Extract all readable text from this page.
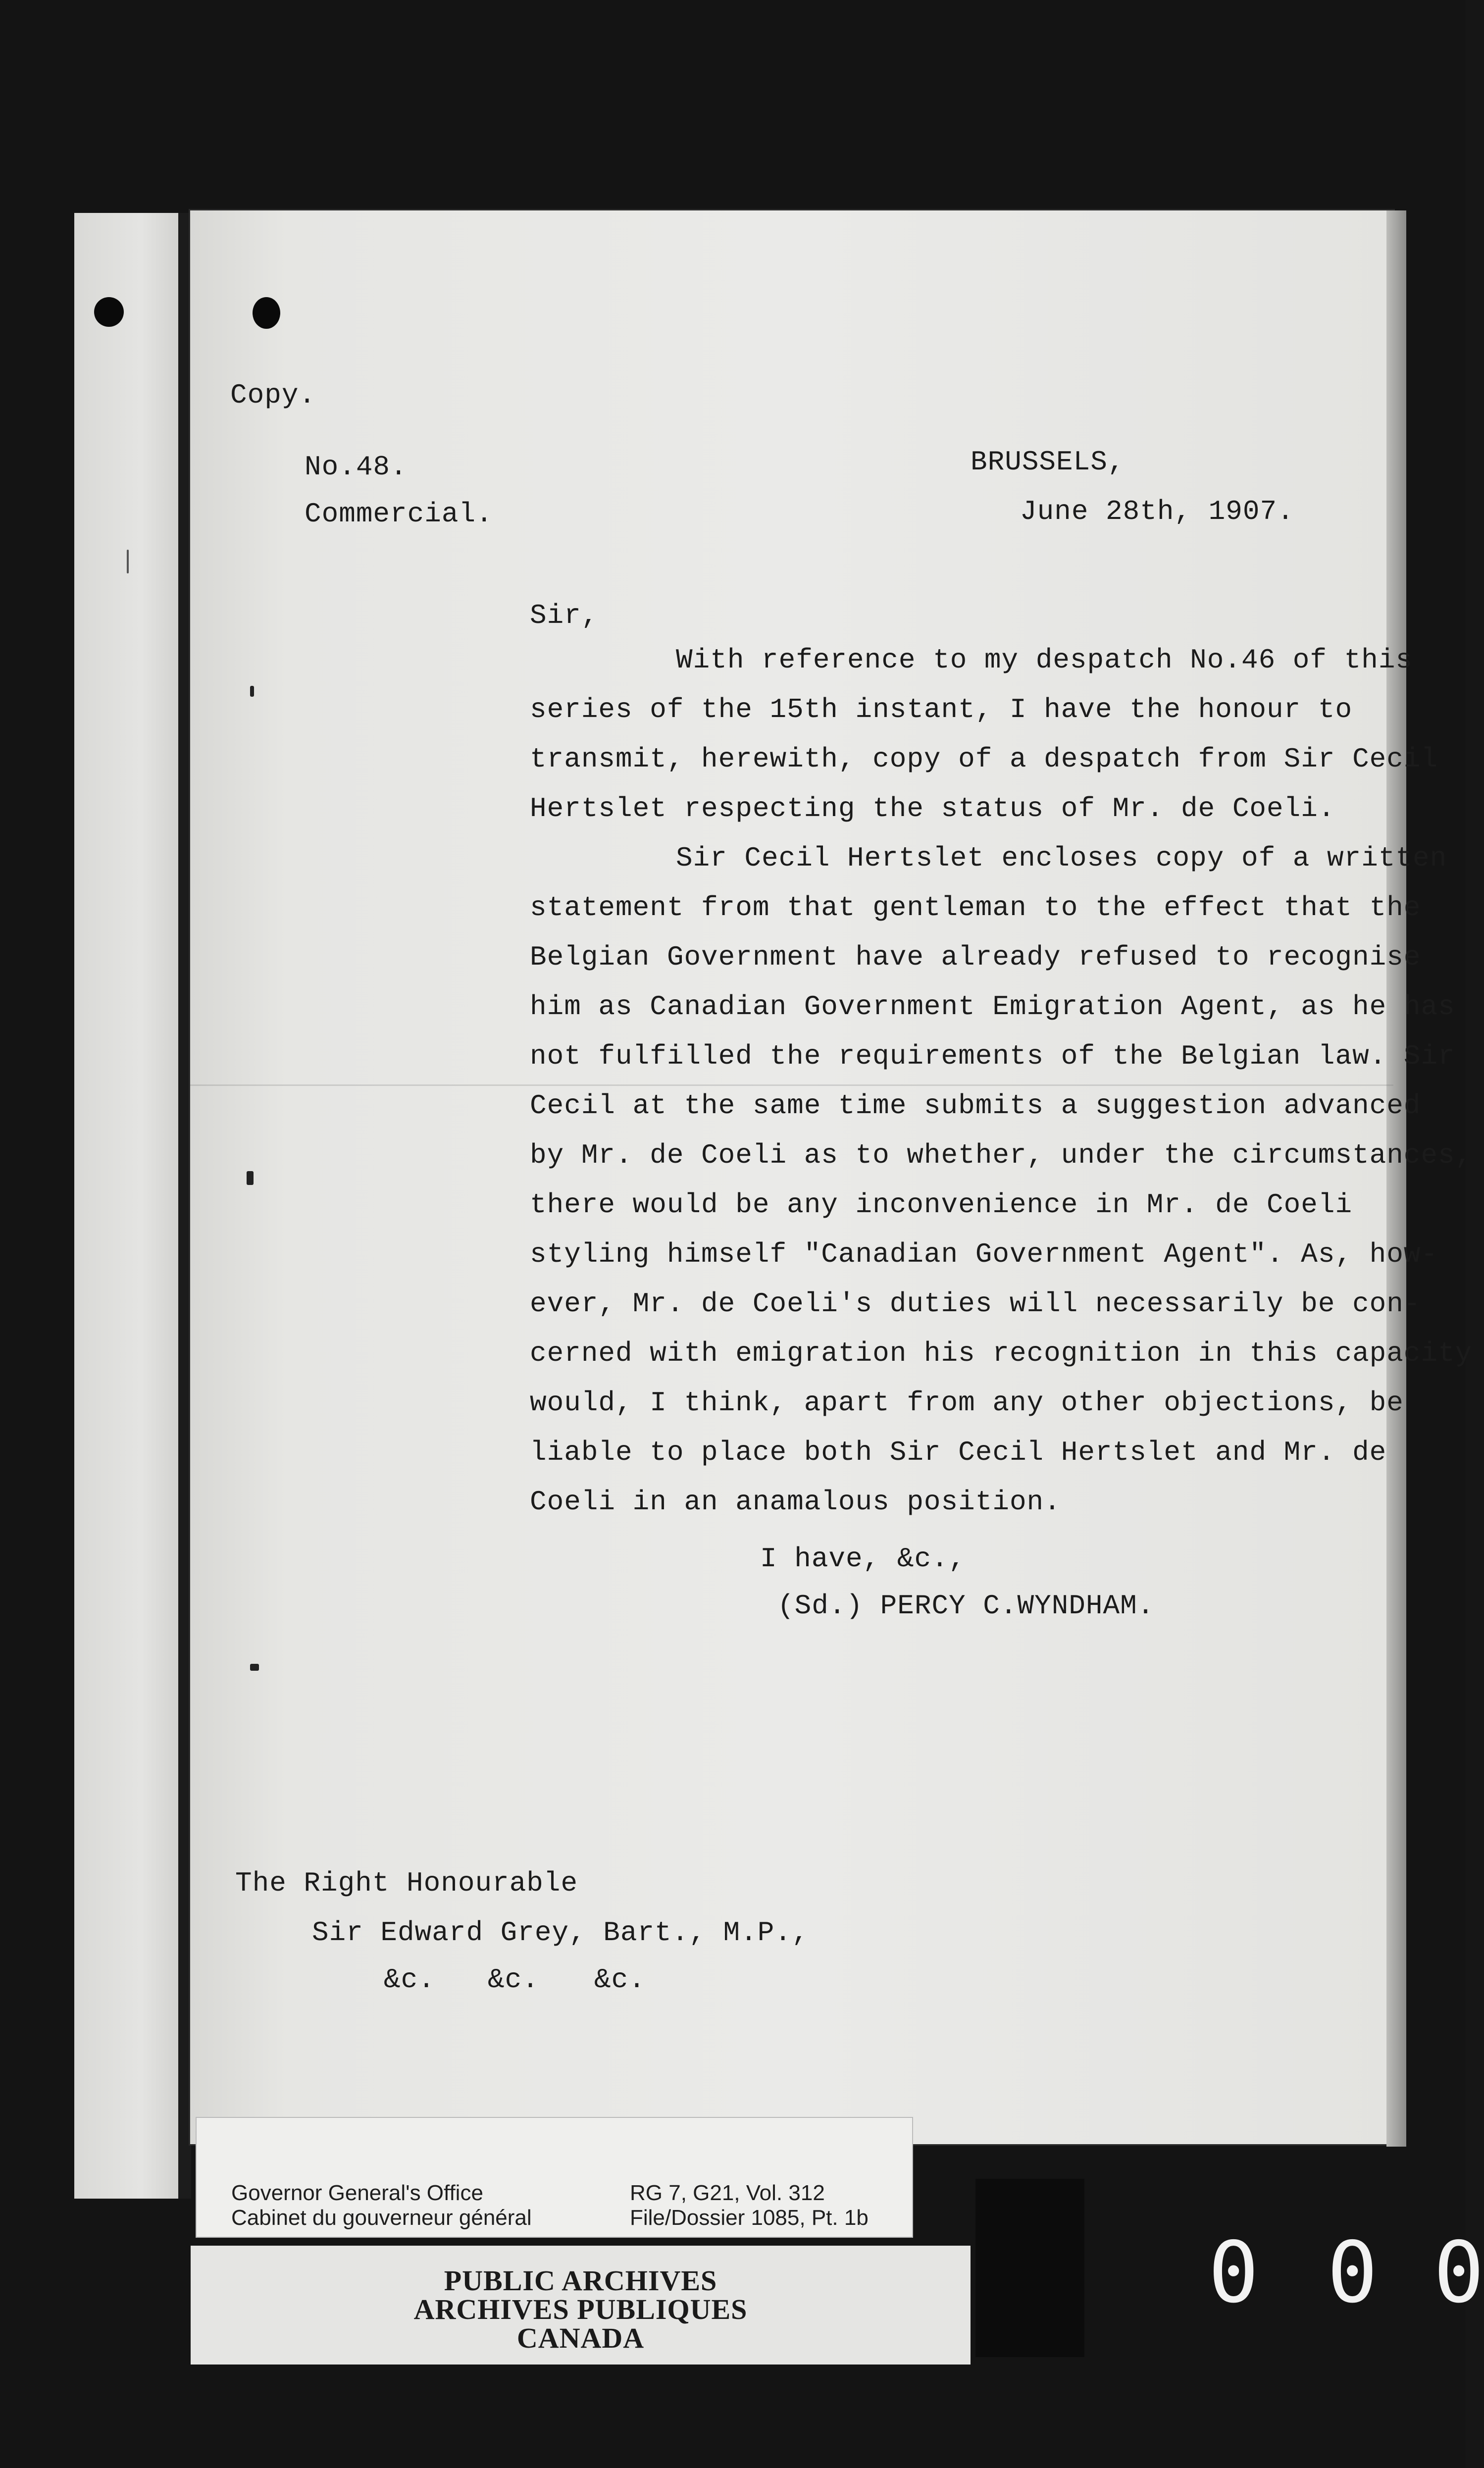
Copy.
No.48.
Commercial.
BRUSSELS,
June 28th, 1907.
Sir,
With reference to my despatch No.46 of this
series of the 15th instant, I have the honour to
transmit, herewith, copy of a despatch from Sir Cecil
Hertslet respecting the status of Mr. de Coeli.
Sir Cecil Hertslet encloses copy of a written
statement from that gentleman to the effect that the
Belgian Government have already refused to recognise
him as Canadian Government Emigration Agent, as he has
not fulfilled the requirements of the Belgian law. Sir
Cecil at the same time submits a suggestion advanced
by Mr. de Coeli as to whether, under the circumstances,
there would be any inconvenience in Mr. de Coeli
styling himself "Canadian Government Agent". As, how-
ever, Mr. de Coeli's duties will necessarily be con-
cerned with emigration his recognition in this capacity
would, I think, apart from any other objections, be
liable to place both Sir Cecil Hertslet and Mr. de
Coeli in an anamalous position.
I have, &c.,
(Sd.) PERCY C.WYNDHAM.
The Right Honourable
Sir Edward Grey, Bart., M.P.,
&c. &c. &c.
Governor General's Office
Cabinet du gouverneur général
RG 7, G21, Vol. 312
File/Dossier 1085, Pt. 1b
PUBLIC ARCHIVES
ARCHIVES PUBLIQUES
CANADA
0 0 0
